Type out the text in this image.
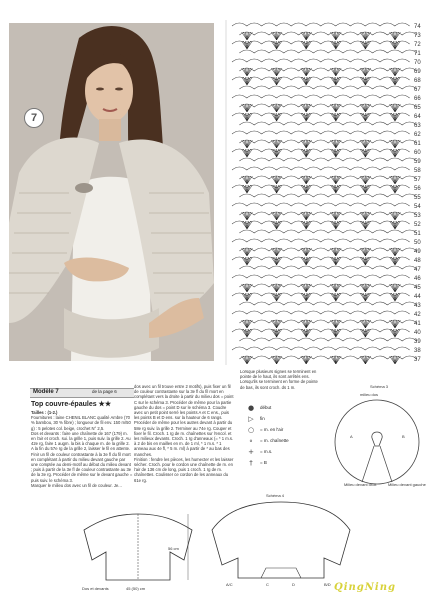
7
74
73
72
71
70
69
68
67
66
65
64
63
62
61
60
59
58
57
56
55
54
53
52
51
50
49
48
47
46
45
44
43
42
41
40
39
38
37
Modèle 7	de la page 6
Top couvre-épaules ★★
Tailles : (1-2.)
Fournitures : laine CHENIL BLANC qualité Ambre (70 % bambou, 30 % fibre) ; longueur de fil env. 150 m/50 g) : 5 pelotes col. beige, crochet N° 2,5.
Dos et devants : faire une chaînette de 167 (179) m. en l'air et croch. sui. la grille 1, puis suiv. la grille 2. Au 42e rg, faire 1 augm. la bis à chaque m. de la grille 2. A la fin du 57e rg de la grille 2, laisser le fil en attente. Finir un fil de couleur contrastante à la 3e fl du fil mort en complétant à partir du milieu devant gauche par une comptée au demi-motif au début du milieu devant ; puis à partir de la 3e fl de couleur contrastante au 3e de la 3e rg. Procéder de même sur le devant gauche = puis suiv. le schéma 3.
Marquer le milieu dos avec un fil de couleur. Je...
dos avec un fil trouve entre 2 motifs), puis fixer un fil de couleur contrastante sur la 3e fl du fil mort en complétant vers la droite à partir du milieu dos = point C sur le schéma 3. Procéder de même pour la partie gauche du dos = point D sur le schéma 3. Coudre avec un petit point serré les points A et C ens., puis les points B et D ens. sur la hauteur de 6 rangs.
Procéder de même pour les autres devant à partir du 58e rg suiv. la grille 2. Terminer au 74e rg. Couper et fixer le fil. Croch. 1 rg de m. chaînettes sur l'encol. et les milieux devants. Croch. 1 rg d'anneaux (= * 1 m.s. à 2 de bis en mailles en m. de 1 ml, * 1 m.s. * 1 anneau aux 4e fl, * 5 m. ml) à partir de * au bas des manches.
Finition : fendre les pièces, les humecter et les laisser sécher. Croch. pour le cordon une chaînette de m. en l'air de 136 cm de long, puis 1 croch. 1 rg de m. chaînettes. Coulisser ce cordon de les anneaux du 61e rg.
Lorsque plusieurs signes se terminent en pointe de le haut, ils sont arrêtés ens. Lorsqu'ils se terminent en forme de pointe de bas, ils sont croch. ds 1 m.
●	début
▷	fin
○	= m. en l'air
∘	= m. chaînette
+	= m.s.
†	= B
Schéma 3
milieu dos
Milieu devant droit	Milieu devant gauche
A	B
56 cm
Dos et devants	45 (50) cm
Schéma 4
A/C	B/D
C	D	QingNing
